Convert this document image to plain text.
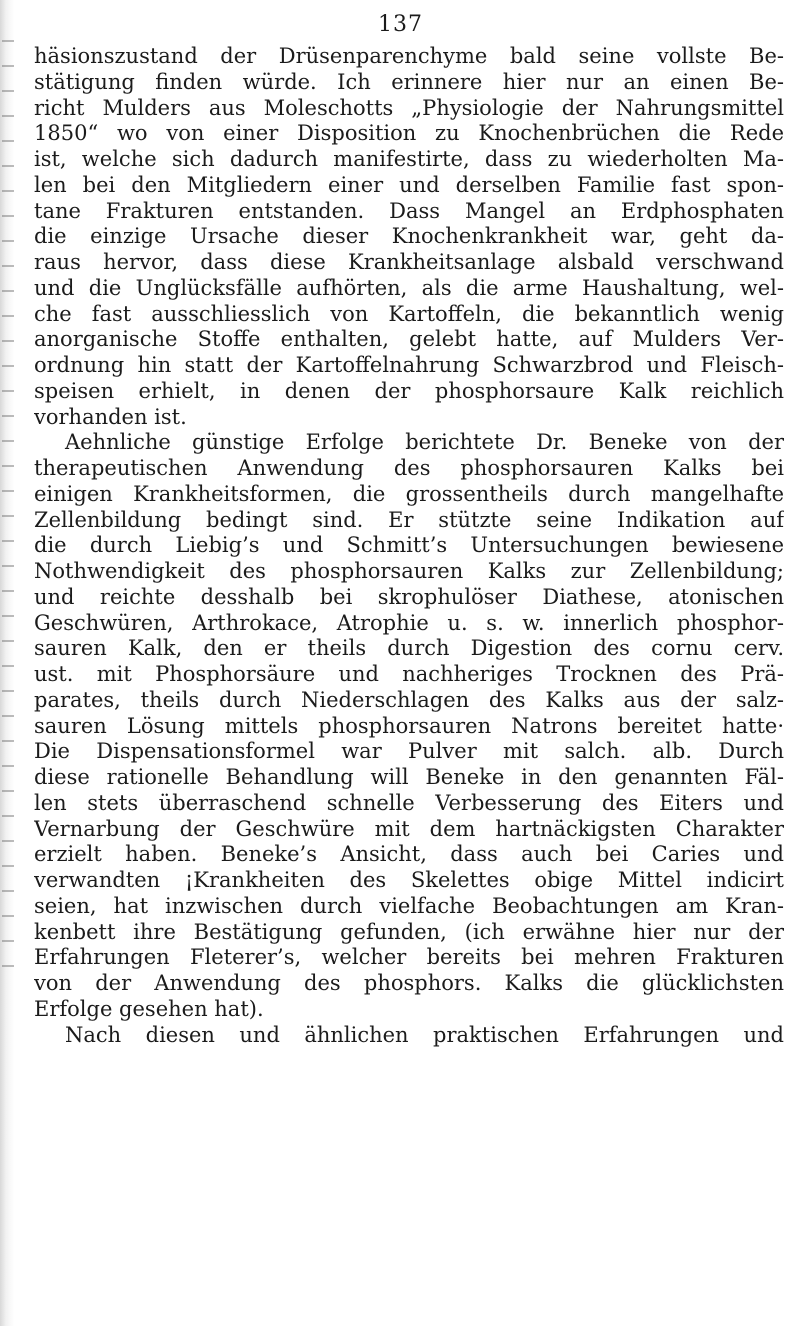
137

häsionszustand der Drüsenparenchyme bald seine vollste Be-

stätigung finden würde. Ich erinnere hier nur an einen Be-

richt Mulders aus Moleschotts „Physiologie der Nahrungsmittel

1850“ wo von einer Disposition zu Knochenbrüchen die Rede

ist, welche sich dadurch manifestirte, dass zu wiederholten Ma-

len bei den Mitgliedern einer und derselben Familie fast spon-

tane Frakturen entstanden. Dass Mangel an Erdphosphaten

die einzige Ursache dieser Knochenkrankheit war, geht da-

raus hervor, dass diese Krankheitsanlage alsbald verschwand

und die Unglücksfälle aufhörten, als die arme Haushaltung, wel-

che fast ausschliesslich von Kartoffeln, die bekanntlich wenig

anorganische Stoffe enthalten, gelebt hatte, auf Mulders Ver-

ordnung hin statt der Kartoffelnahrung Schwarzbrod und Fleisch-

speisen erhielt, in denen der phosphorsaure Kalk reichlich

vorhanden ist.

Aehnliche günstige Erfolge berichtete Dr. Beneke von der

therapeutischen Anwendung des phosphorsauren Kalks bei

einigen Krankheitsformen, die grossentheils durch mangelhafte

Zellenbildung bedingt sind. Er stützte seine Indikation auf

die durch Liebig’s und Schmitt’s Untersuchungen bewiesene

Nothwendigkeit des phosphorsauren Kalks zur Zellenbildung;

und reichte desshalb bei skrophulöser Diathese, atonischen

Geschwüren, Arthrokace, Atrophie u. s. w. innerlich phosphor-

sauren Kalk, den er theils durch Digestion des cornu cerv.

ust. mit Phosphorsäure und nachheriges Trocknen des Prä-

parates, theils durch Niederschlagen des Kalks aus der salz-

sauren Lösung mittels phosphorsauren Natrons bereitet hatte·

Die Dispensationsformel war Pulver mit salch. alb. Durch

diese rationelle Behandlung will Beneke in den genannten Fäl-

len stets überraschend schnelle Verbesserung des Eiters und

Vernarbung der Geschwüre mit dem hartnäckigsten Charakter

erzielt haben. Beneke’s Ansicht, dass auch bei Caries und

verwandten ¡Krankheiten des Skelettes obige Mittel indicirt

seien, hat inzwischen durch vielfache Beobachtungen am Kran-

kenbett ihre Bestätigung gefunden, (ich erwähne hier nur der

Erfahrungen Fleterer’s, welcher bereits bei mehren Frakturen

von der Anwendung des phosphors. Kalks die glücklichsten

Erfolge gesehen hat).

Nach diesen und ähnlichen praktischen Erfahrungen und
